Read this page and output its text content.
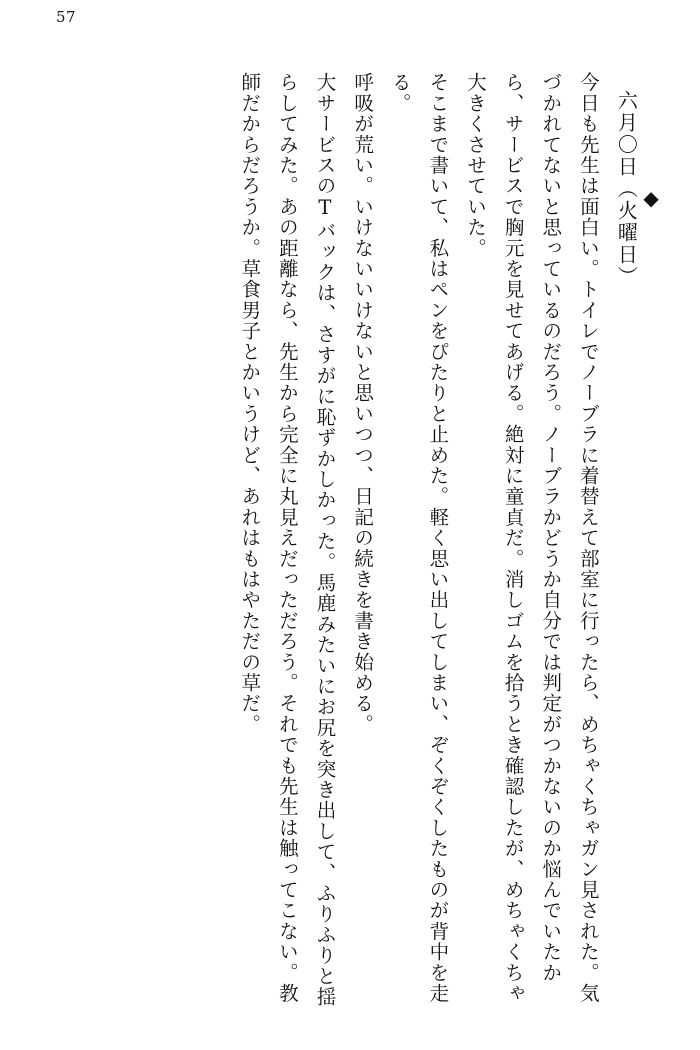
57
◆
六月〇日（火曜日）

今日も先生は面白い。トイレでノーブラに着替えて部室に行ったら、めちゃくちゃガン見された。気づかれてないと思っているのだろう。ノーブラかどうか自分では判定がつかないのか悩んでいたから、サービスで胸元を見せてあげる。絶対に童貞だ。消しゴムを拾うとき確認したが、めちゃくちゃ大きくさせていた。

そこまで書いて、私はペンをぴたりと止めた。軽く思い出してしまい、ぞくぞくしたものが背中を走る。

呼吸が荒い。いけないいけないと思いつつ、日記の続きを書き始める。

大サービスのTバックは、さすがに恥ずかしかった。馬鹿みたいにお尻を突き出して、ふりふりと揺らしてみた。あの距離なら、先生から完全に丸見えだっただろう。それでも先生は触ってこない。教師だからだろうか。草食男子とかいうけど、あれはもはやただの草だ。
